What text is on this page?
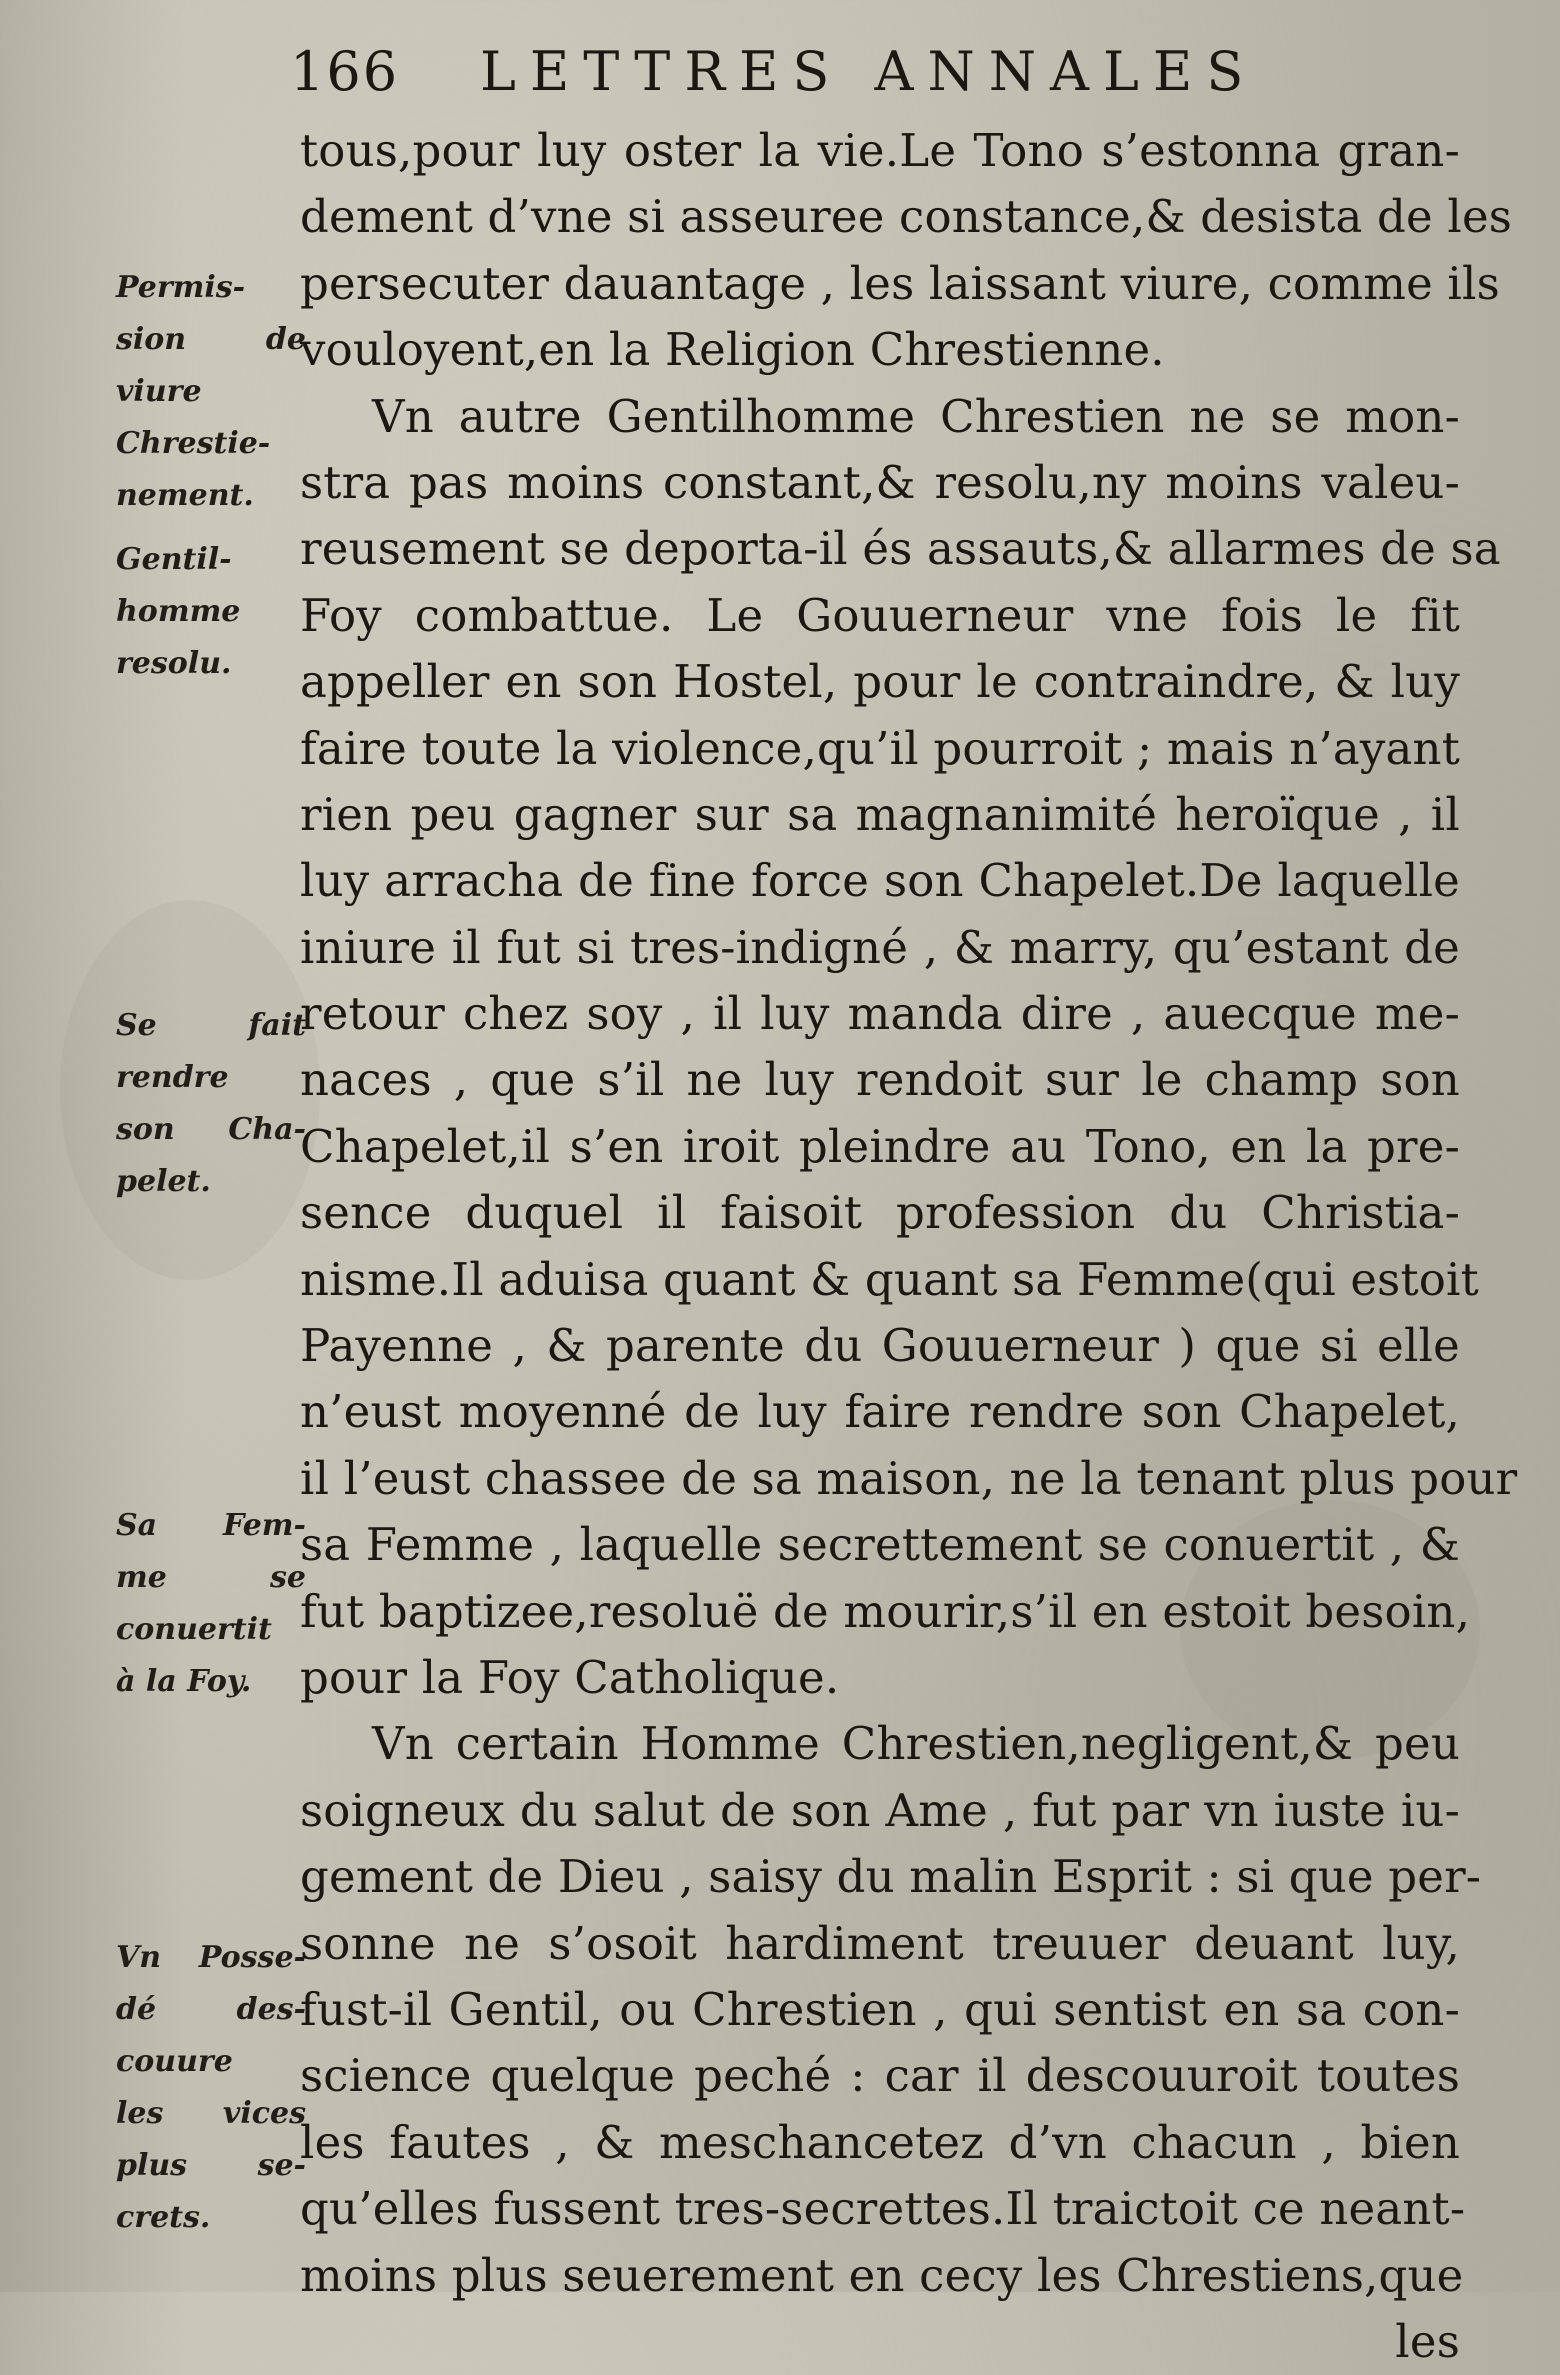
166 LETTRES ANNALES
tous,pour luy oster la vie.Le Tono s’estonna gran-
dement d’vne si asseuree constance,& desista de les
persecuter dauantage , les laissant viure, comme ils
vouloyent,en la Religion Chrestienne.
Vn autre Gentilhomme Chrestien ne se mon-
stra pas moins constant,& resolu,ny moins valeu-
reusement se deporta-il és assauts,& allarmes de sa
Foy combattue. Le Gouuerneur vne fois le fit
appeller en son Hostel, pour le contraindre, & luy
faire toute la violence,qu’il pourroit ; mais n’ayant
rien peu gagner sur sa magnanimité heroïque , il
luy arracha de fine force son Chapelet.De laquelle
iniure il fut si tres-indigné , & marry, qu’estant de
retour chez soy , il luy manda dire , auecque me-
naces , que s’il ne luy rendoit sur le champ son
Chapelet,il s’en iroit pleindre au Tono, en la pre-
sence duquel il faisoit profession du Christia-
nisme.Il aduisa quant & quant sa Femme(qui estoit
Payenne , & parente du Gouuerneur ) que si elle
n’eust moyenné de luy faire rendre son Chapelet,
il l’eust chassee de sa maison, ne la tenant plus pour
sa Femme , laquelle secrettement se conuertit , &
fut baptizee,resoluë de mourir,s’il en estoit besoin,
pour la Foy Catholique.
Vn certain Homme Chrestien,negligent,& peu
soigneux du salut de son Ame , fut par vn iuste iu-
gement de Dieu , saisy du malin Esprit : si que per-
sonne ne s’osoit hardiment treuuer deuant luy,
fust-il Gentil, ou Chrestien , qui sentist en sa con-
science quelque peché : car il descouuroit toutes
les fautes , & meschancetez d’vn chacun , bien
qu’elles fussent tres-secrettes.Il traictoit ce neant-
moins plus seuerement en cecy les Chrestiens,que
les
Permis-
sion de
viure
Chrestie-
nement.
Gentil-
homme
resolu.
Se fait
rendre
son Cha-
pelet.
Sa Fem-
me se
conuertit
à la Foy.
Vn Posse-
dé des-
couure
les vices
plus se-
crets.
